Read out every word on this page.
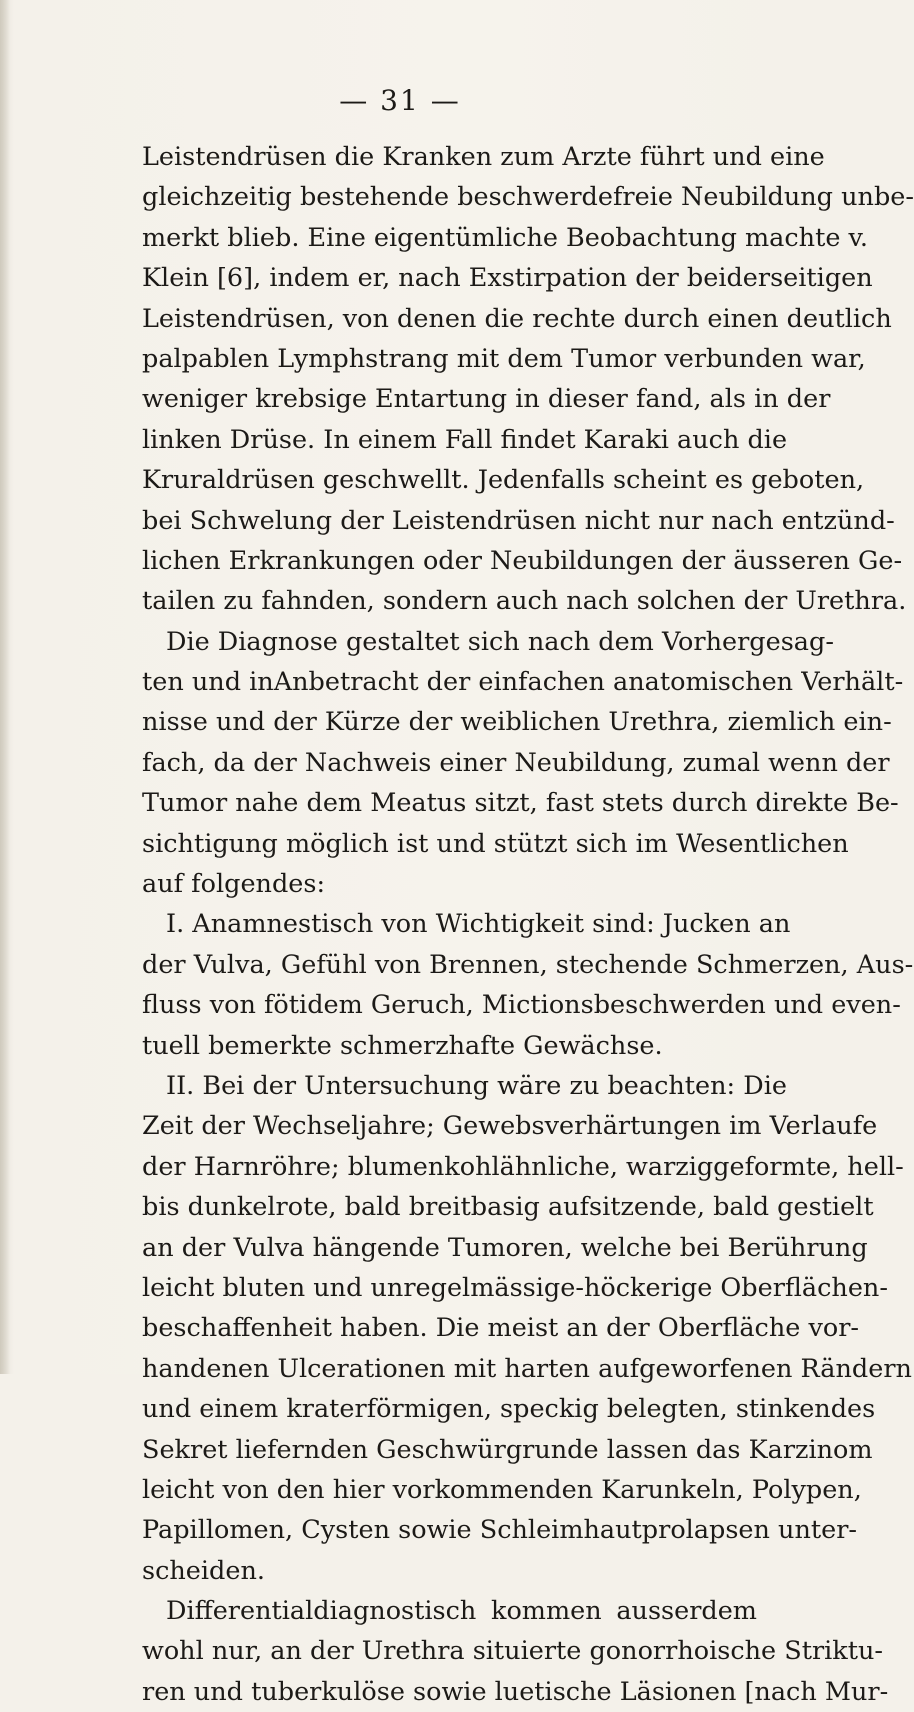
— 31 —
Leistendrüsen die Kranken zum Arzte führt und eine
gleichzeitig bestehende beschwerdefreie Neubildung unbe-
merkt blieb. Eine eigentümliche Beobachtung machte v.
Klein [6], indem er, nach Exstirpation der beiderseitigen
Leistendrüsen, von denen die rechte durch einen deutlich
palpablen Lymphstrang mit dem Tumor verbunden war,
weniger krebsige Entartung in dieser fand, als in der
linken Drüse. In einem Fall findet Karaki auch die
Kruraldrüsen geschwellt. Jedenfalls scheint es geboten,
bei Schwelung der Leistendrüsen nicht nur nach entzünd-
lichen Erkrankungen oder Neubildungen der äusseren Ge-
tailen zu fahnden, sondern auch nach solchen der Urethra.
Die Diagnose gestaltet sich nach dem Vorhergesag-
ten und inAnbetracht der einfachen anatomischen Verhält-
nisse und der Kürze der weiblichen Urethra, ziemlich ein-
fach, da der Nachweis einer Neubildung, zumal wenn der
Tumor nahe dem Meatus sitzt, fast stets durch direkte Be-
sichtigung möglich ist und stützt sich im Wesentlichen
auf folgendes:
I. Anamnestisch von Wichtigkeit sind: Jucken an
der Vulva, Gefühl von Brennen, stechende Schmerzen, Aus-
fluss von fötidem Geruch, Mictionsbeschwerden und even-
tuell bemerkte schmerzhafte Gewächse.
II. Bei der Untersuchung wäre zu beachten: Die
Zeit der Wechseljahre; Gewebsverhärtungen im Verlaufe
der Harnröhre; blumenkohlähnliche, warziggeformte, hell-
bis dunkelrote, bald breitbasig aufsitzende, bald gestielt
an der Vulva hängende Tumoren, welche bei Berührung
leicht bluten und unregelmässige-höckerige Oberflächen-
beschaffenheit haben. Die meist an der Oberfläche vor-
handenen Ulcerationen mit harten aufgeworfenen Rändern
und einem kraterförmigen, speckig belegten, stinkendes
Sekret liefernden Geschwürgrunde lassen das Karzinom
leicht von den hier vorkommenden Karunkeln, Polypen,
Papillomen, Cysten sowie Schleimhautprolapsen unter-
scheiden.
Differentialdiagnostisch kommen ausserdem
wohl nur, an der Urethra situierte gonorrhoische Striktu-
ren und tuberkulöse sowie luetische Läsionen [nach Mur-
